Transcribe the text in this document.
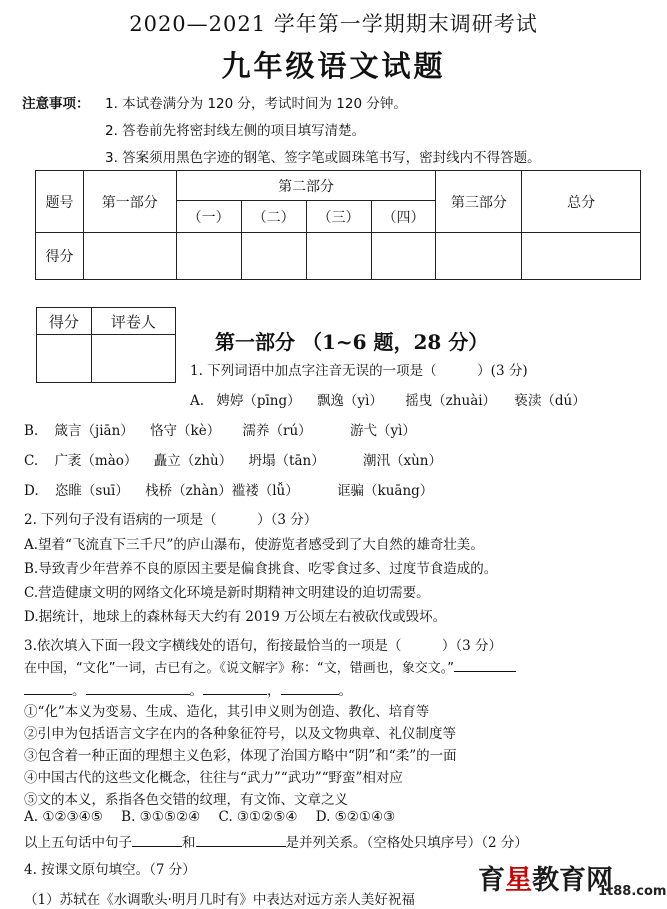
2020—2021 学年第一学期期末调研考试
九年级语文试题
注意事项： 1. 本试卷满分为 120 分，考试时间为 120 分钟。
2. 答卷前先将密封线左侧的项目填写清楚。
3. 答案须用黑色字迹的钢笔、签字笔或圆珠笔书写，密封线内不得答题。
题号	第一部分	第二部分				第三部分	总分
		（一）	（二）	（三）	（四）		
得分							
得分	评卷人

第一部分 （1~6 题，28 分）
1. 下列词语中加点字注音无误的一项是（　　　）(3 分)
A. 娉婷（pīng） 飘逸（yì） 摇曳（zhuài） 亵渎（dú）
B. 箴言（jiān） 恪守（kè） 濡养（rú）	游弋（yì）
C. 广袤（mào） 矗立（zhù） 坍塌（tān）	潮汛（xùn）
D. 恣睢（suī） 栈桥（zhàn）褴褛（lǚ）	诓骗（kuāng）
2. 下列句子没有语病的一项是（　　　）（3 分）
A.望着“飞流直下三千尺”的庐山瀑布，使游览者感受到了大自然的雄奇壮美。
B.导致青少年营养不良的原因主要是偏食挑食、吃零食过多、过度节食造成的。
C.营造健康文明的网络文化环境是新时期精神文明建设的迫切需要。
D.据统计，地球上的森林每天大约有 2019 万公顷左右被砍伐或毁坏。
3.依次填入下面一段文字横线处的语句，衔接最恰当的一项是（　　　）（3 分）
在中国，“文化”一词，古已有之。《说文解字》称：“文，错画也，象交文。”
。	。	，	。
①“化”本义为变易、生成、造化，其引申义则为创造、教化、培育等
②引申为包括语言文字在内的各种象征符号，以及文物典章、礼仪制度等
③包含着一种正面的理想主义色彩，体现了治国方略中“阴”和“柔”的一面
④中国古代的这些文化概念，往往与“武力”“武功”“野蛮”相对应
⑤文的本义，系指各色交错的纹理，有文饰、文章之义
A. ①②③④⑤ B. ③①⑤②④ C. ③①②⑤④ D. ⑤②①④③
以上五句话中句子	和	是并列关系。（空格处只填序号）（2 分）
4. 按课文原句填空。（7 分）
（1）苏轼在《水调歌头·明月几时有》中表达对远方亲人美好祝福
育星教育网
1t88.com
